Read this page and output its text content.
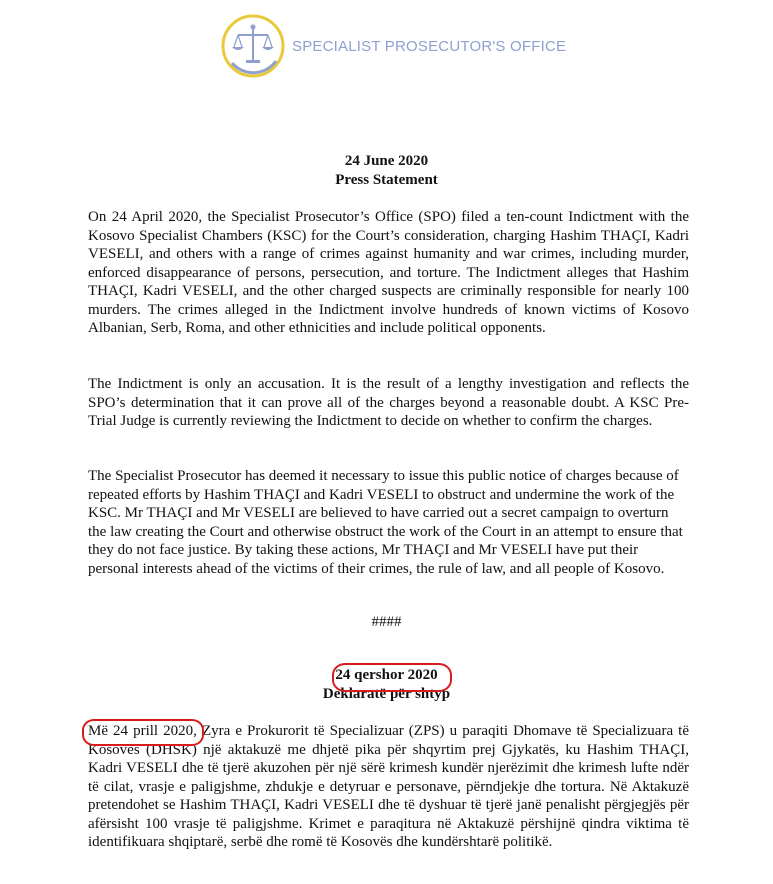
SPECIALIST PROSECUTOR'S OFFICE
24 June 2020
Press Statement
On 24 April 2020, the Specialist Prosecutor’s Office (SPO) filed a ten-count Indictment with the Kosovo Specialist Chambers (KSC) for the Court’s consideration, charging Hashim THAÇI, Kadri VESELI, and others with a range of crimes against humanity and war crimes, including murder, enforced disappearance of persons, persecution, and torture. The Indictment alleges that Hashim THAÇI, Kadri VESELI, and the other charged suspects are criminally responsible for nearly 100 murders. The crimes alleged in the Indictment involve hundreds of known victims of Kosovo Albanian, Serb, Roma, and other ethnicities and include political opponents.
The Indictment is only an accusation. It is the result of a lengthy investigation and reflects the SPO’s determination that it can prove all of the charges beyond a reasonable doubt. A KSC Pre-Trial Judge is currently reviewing the Indictment to decide on whether to confirm the charges.
The Specialist Prosecutor has deemed it necessary to issue this public notice of charges because of repeated efforts by Hashim THAÇI and Kadri VESELI to obstruct and undermine the work of the KSC. Mr THAÇI and Mr VESELI are believed to have carried out a secret campaign to overturn the law creating the Court and otherwise obstruct the work of the Court in an attempt to ensure that they do not face justice. By taking these actions, Mr THAÇI and Mr VESELI have put their personal interests ahead of the victims of their crimes, the rule of law, and all people of Kosovo.
####
24 qershor 2020
Deklaratë për shtyp
Më 24 prill 2020, Zyra e Prokurorit të Specializuar (ZPS) u paraqiti Dhomave të Specializuara të Kosovës (DHSK) një aktakuzë me dhjetë pika për shqyrtim prej Gjykatës, ku Hashim THAÇI, Kadri VESELI dhe të tjerë akuzohen për një sërë krimesh kundër njerëzimit dhe krimesh lufte ndër të cilat, vrasje e paligjshme, zhdukje e detyruar e personave, përndjekje dhe tortura. Në Aktakuzë pretendohet se Hashim THAÇI, Kadri VESELI dhe të dyshuar të tjerë janë penalisht përgjegjës për afërsisht 100 vrasje të paligjshme. Krimet e paraqitura në Aktakuzë përshijnë qindra viktima të identifikuara shqiptarë, serbë dhe romë të Kosovës dhe kundërshtarë politikë.
